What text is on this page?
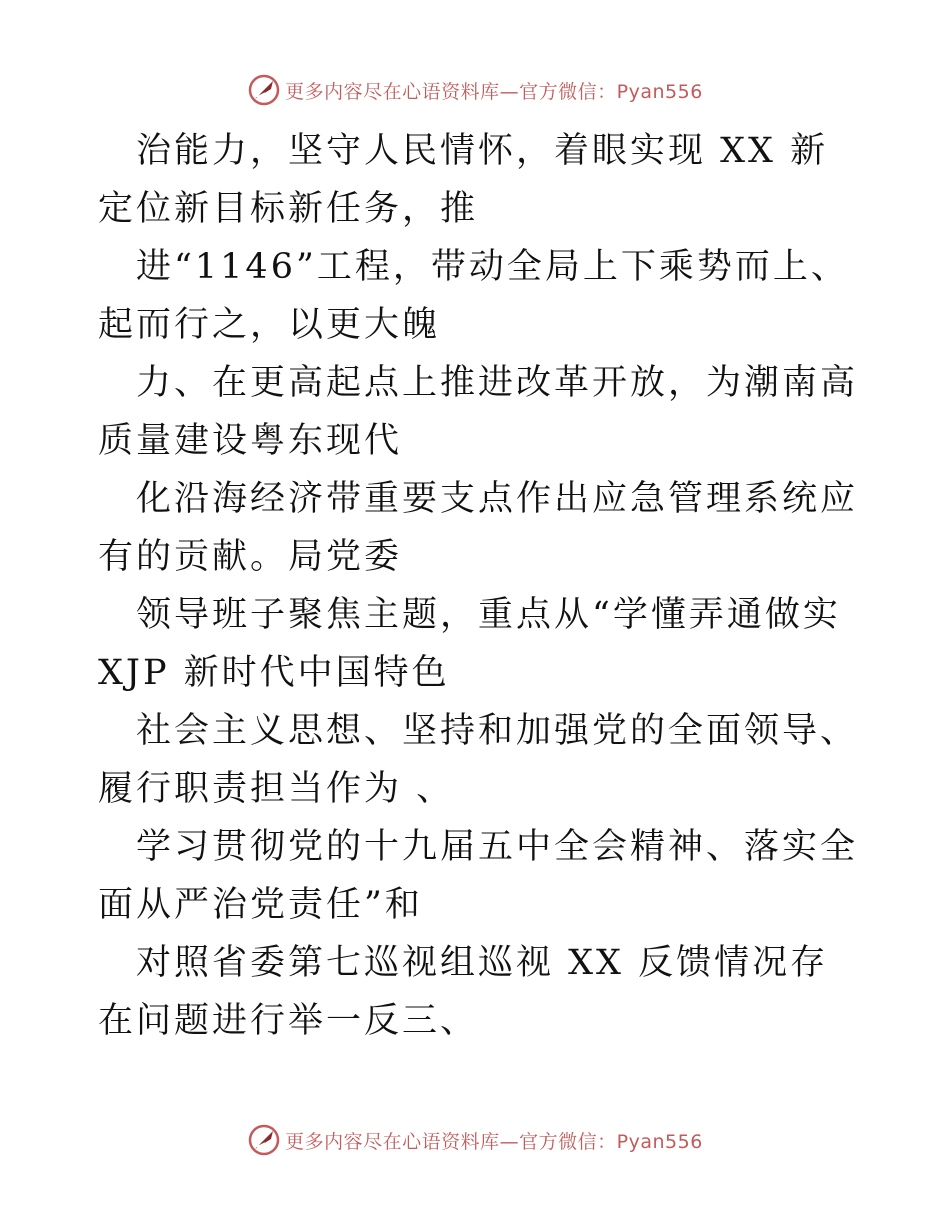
更多内容尽在心语资料库—官方微信：Pyan556

治能力，坚守人民情怀，着眼实现 XX 新定位新目标新任务，推

进“1146”工程，带动全局上下乘势而上、起而行之，以更大魄

力、在更高起点上推进改革开放，为潮南高质量建设粤东现代

化沿海经济带重要支点作出应急管理系统应有的贡献。局党委

领导班子聚焦主题，重点从“学懂弄通做实 XJP 新时代中国特色

社会主义思想、坚持和加强党的全面领导、履行职责担当作为 、

学习贯彻党的十九届五中全会精神、落实全面从严治党责任”和

对照省委第七巡视组巡视 XX 反馈情况存在问题进行举一反三、

更多内容尽在心语资料库—官方微信：Pyan556
